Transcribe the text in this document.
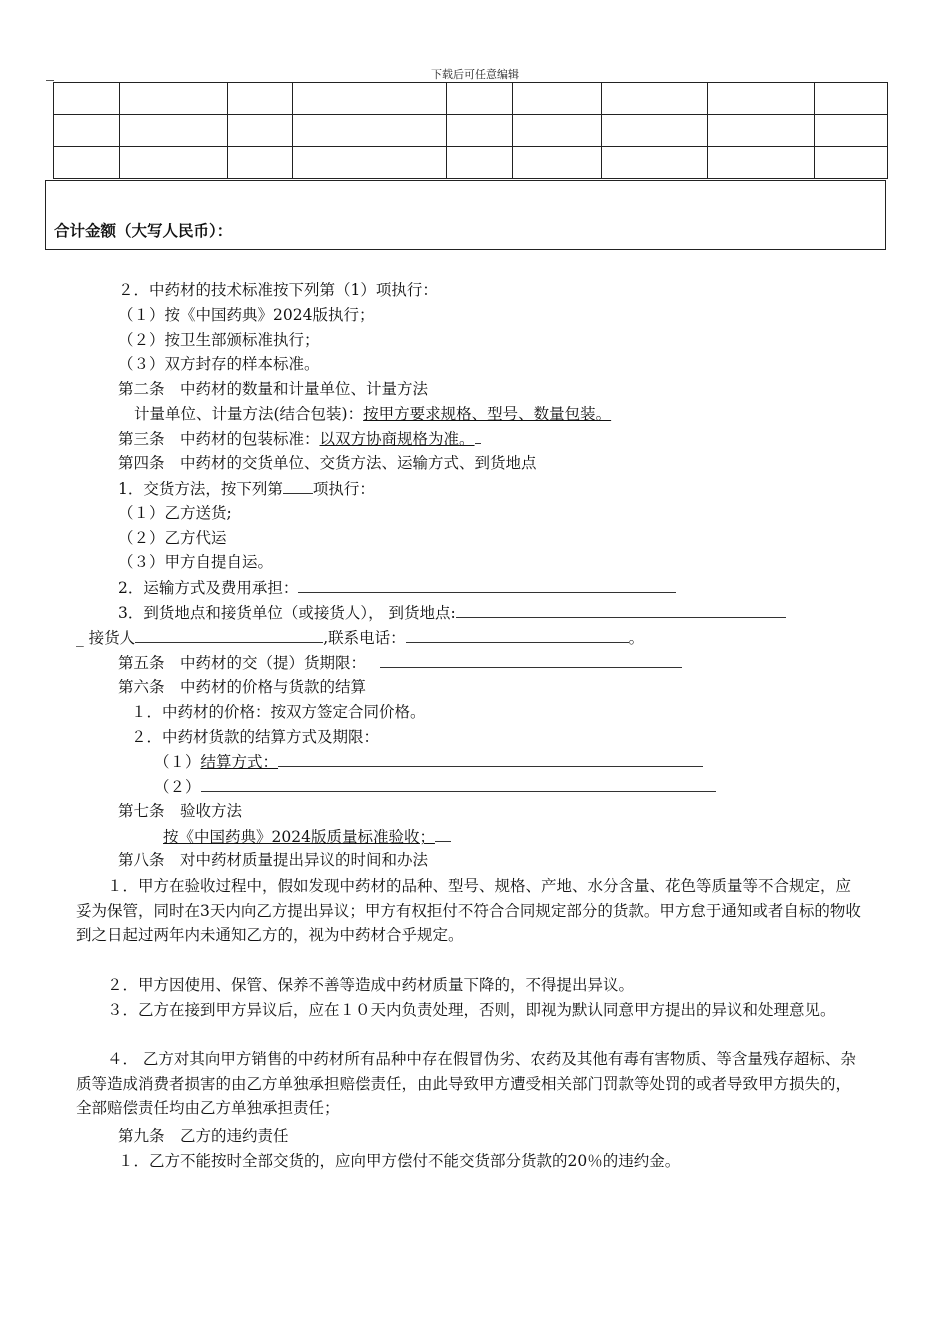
下载后可任意编辑

合计金额（大写人民币）：
２．中药材的技术标准按下列第（1）项执行：
（１）按《中国药典》2024版执行；
（２）按卫生部颁标准执行；
（３）双方封存的样本标准。
第二条　中药材的数量和计量单位、计量方法
计量单位、计量方法(结合包装)：按甲方要求规格、型号、数量包装。
第三条　中药材的包装标准：以双方协商规格为准。
第四条　中药材的交货单位、交货方法、运输方式、到货地点
1．交货方法，按下列第 项执行：
（１）乙方送货;
（２）乙方代运
（３）甲方自提自运。
2．运输方式及费用承担：
3．到货地点和接货单位（或接货人）， 到货地点:
_ 接货人	,联系电话：	。
第五条　中药材的交（提）货期限：
第六条　中药材的价格与货款的结算
１．中药材的价格：按双方签定合同价格。
２．中药材货款的结算方式及期限：
（１）结算方式：
（２）
第七条　验收方法
按《中国药典》2024版质量标准验收；
第八条　对中药材质量提出异议的时间和办法
　　１．甲方在验收过程中，假如发现中药材的品种、型号、规格、产地、水分含量、花色等质量等不合规定，应妥为保管，同时在3天内向乙方提出异议；甲方有权拒付不符合合同规定部分的货款。甲方怠于通知或者自标的物收到之日起过两年内未通知乙方的，视为中药材合乎规定。
　　２．甲方因使用、保管、保养不善等造成中药材质量下降的，不得提出异议。
　　３．乙方在接到甲方异议后，应在１０天内负责处理，否则，即视为默认同意甲方提出的异议和处理意见。
　　４． 乙方对其向甲方销售的中药材所有品种中存在假冒伪劣、农药及其他有毒有害物质、等含量残存超标、杂质等造成消费者损害的由乙方单独承担赔偿责任，由此导致甲方遭受相关部门罚款等处罚的或者导致甲方损失的，全部赔偿责任均由乙方单独承担责任；
第九条　乙方的违约责任
１．乙方不能按时全部交货的，应向甲方偿付不能交货部分货款的20％的违约金。
